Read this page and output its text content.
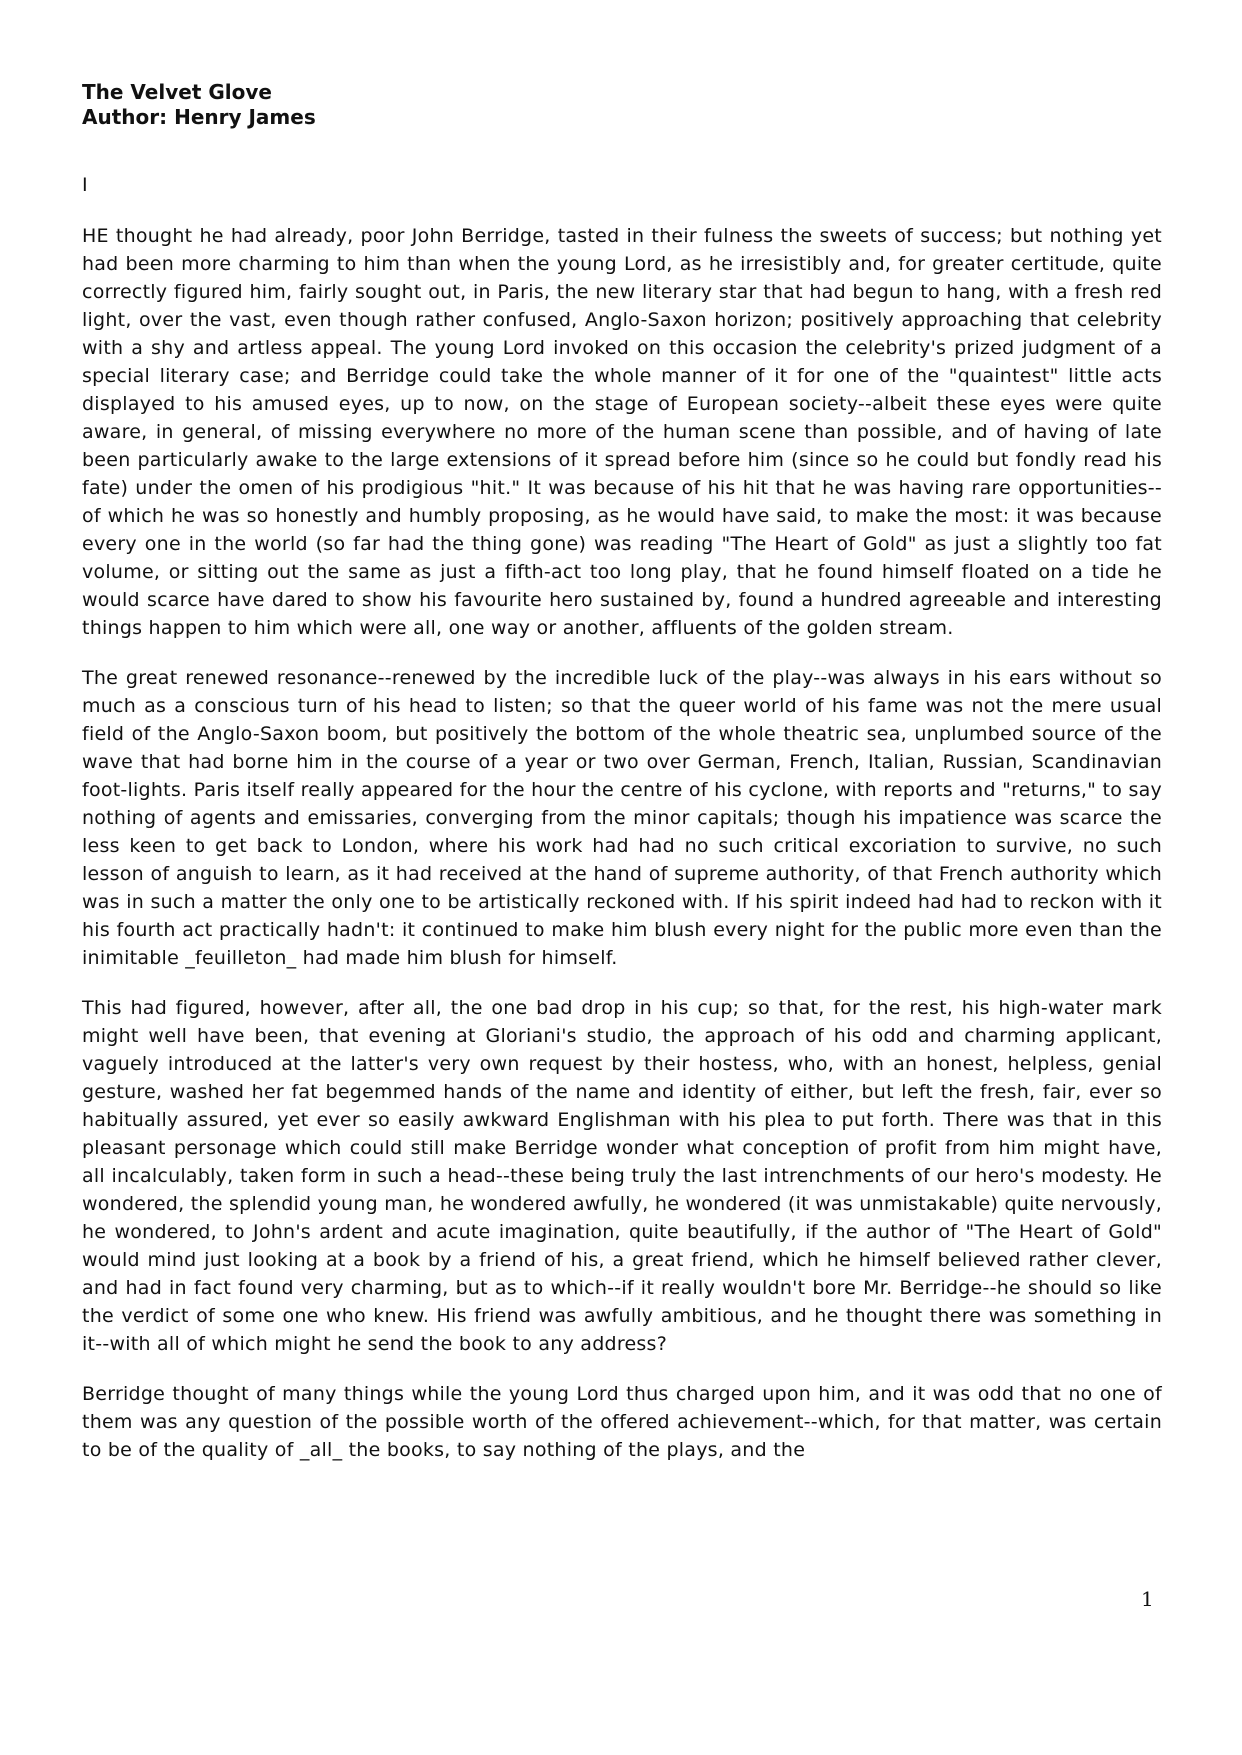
The Velvet Glove

Author: Henry James

I

HE thought he had already, poor John Berridge, tasted in their fulness the sweets of success; but nothing yet had been more charming to him than when the young Lord, as he irresistibly and, for greater certitude, quite correctly figured him, fairly sought out, in Paris, the new literary star that had begun to hang, with a fresh red light, over the vast, even though rather confused, Anglo-Saxon horizon; positively approaching that celebrity with a shy and artless appeal. The young Lord invoked on this occasion the celebrity's prized judgment of a special literary case; and Berridge could take the whole manner of it for one of the "quaintest" little acts displayed to his amused eyes, up to now, on the stage of European society--albeit these eyes were quite aware, in general, of missing everywhere no more of the human scene than possible, and of having of late been particularly awake to the large extensions of it spread before him (since so he could but fondly read his fate) under the omen of his prodigious "hit." It was because of his hit that he was having rare opportunities--of which he was so honestly and humbly proposing, as he would have said, to make the most: it was because every one in the world (so far had the thing gone) was reading "The Heart of Gold" as just a slightly too fat volume, or sitting out the same as just a fifth-act too long play, that he found himself floated on a tide he would scarce have dared to show his favourite hero sustained by, found a hundred agreeable and interesting things happen to him which were all, one way or another, affluents of the golden stream.

The great renewed resonance--renewed by the incredible luck of the play--was always in his ears without so much as a conscious turn of his head to listen; so that the queer world of his fame was not the mere usual field of the Anglo-Saxon boom, but positively the bottom of the whole theatric sea, unplumbed source of the wave that had borne him in the course of a year or two over German, French, Italian, Russian, Scandinavian foot-lights. Paris itself really appeared for the hour the centre of his cyclone, with reports and "returns," to say nothing of agents and emissaries, converging from the minor capitals; though his impatience was scarce the less keen to get back to London, where his work had had no such critical excoriation to survive, no such lesson of anguish to learn, as it had received at the hand of supreme authority, of that French authority which was in such a matter the only one to be artistically reckoned with. If his spirit indeed had had to reckon with it his fourth act practically hadn't: it continued to make him blush every night for the public more even than the inimitable _feuilleton_ had made him blush for himself.

This had figured, however, after all, the one bad drop in his cup; so that, for the rest, his high-water mark might well have been, that evening at Gloriani's studio, the approach of his odd and charming applicant, vaguely introduced at the latter's very own request by their hostess, who, with an honest, helpless, genial gesture, washed her fat begemmed hands of the name and identity of either, but left the fresh, fair, ever so habitually assured, yet ever so easily awkward Englishman with his plea to put forth. There was that in this pleasant personage which could still make Berridge wonder what conception of profit from him might have, all incalculably, taken form in such a head--these being truly the last intrenchments of our hero's modesty. He wondered, the splendid young man, he wondered awfully, he wondered (it was unmistakable) quite nervously, he wondered, to John's ardent and acute imagination, quite beautifully, if the author of "The Heart of Gold" would mind just looking at a book by a friend of his, a great friend, which he himself believed rather clever, and had in fact found very charming, but as to which--if it really wouldn't bore Mr. Berridge--he should so like the verdict of some one who knew. His friend was awfully ambitious, and he thought there was something in it--with all of which might he send the book to any address?

Berridge thought of many things while the young Lord thus charged upon him, and it was odd that no one of them was any question of the possible worth of the offered achievement--which, for that matter, was certain to be of the quality of _all_ the books, to say nothing of the plays, and the

1
